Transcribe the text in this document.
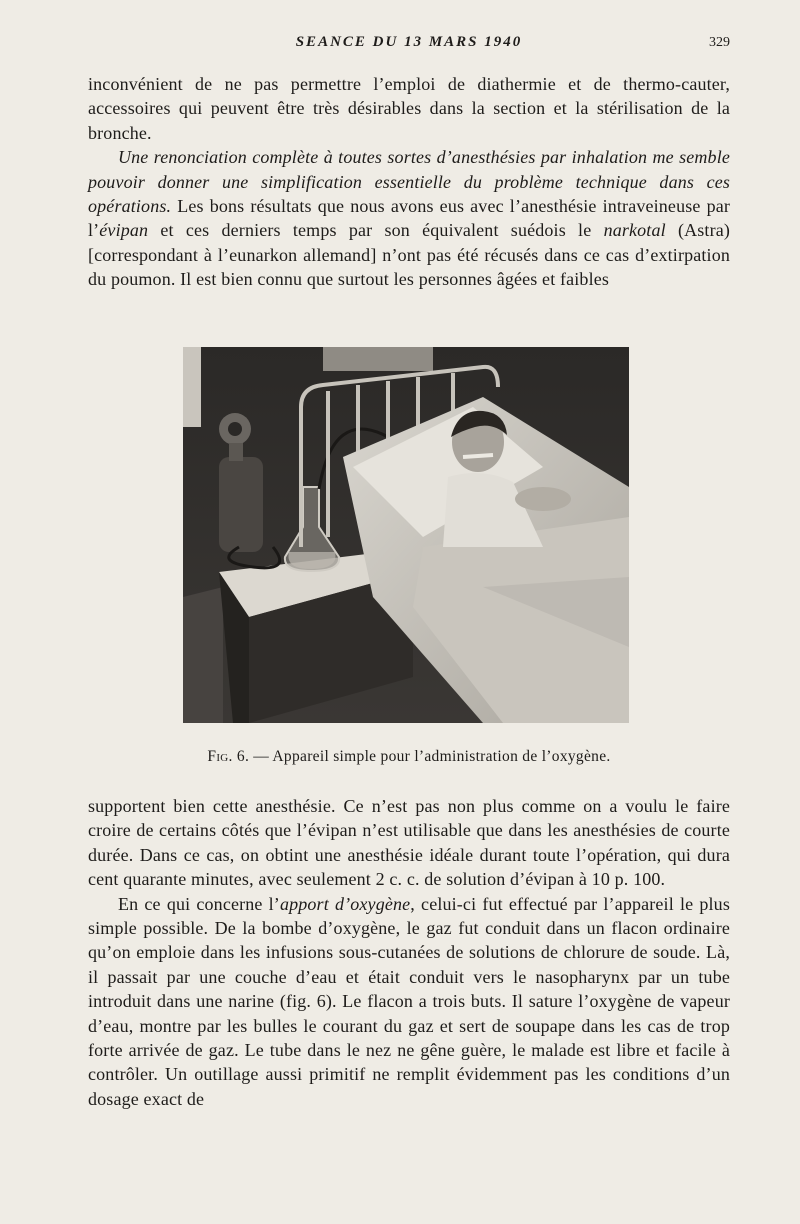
SEANCE DU 13 MARS 1940	329

inconvénient de ne pas permettre l’emploi de diathermie et de thermo-cauter, accessoires qui peuvent être très désirables dans la section et la stérilisation de la bronche.

Une renonciation complète à toutes sortes d’anesthésies par inhalation me semble pouvoir donner une simplification essentielle du problème technique dans ces opérations. Les bons résultats que nous avons eus avec l’anesthésie intraveineuse par l’évipan et ces derniers temps par son équivalent suédois le narkotal (Astra) [correspondant à l’eunarkon allemand] n’ont pas été récusés dans ce cas d’extirpation du poumon. Il est bien connu que surtout les personnes âgées et faibles

Fig. 6. — Appareil simple pour l’administration de l’oxygène.

supportent bien cette anesthésie. Ce n’est pas non plus comme on a voulu le faire croire de certains côtés que l’évipan n’est utilisable que dans les anesthésies de courte durée. Dans ce cas, on obtint une anesthésie idéale durant toute l’opération, qui dura cent quarante minutes, avec seulement 2 c. c. de solution d’évipan à 10 p. 100.

En ce qui concerne l’apport d’oxygène, celui-ci fut effectué par l’appareil le plus simple possible. De la bombe d’oxygène, le gaz fut conduit dans un flacon ordinaire qu’on emploie dans les infusions sous-cutanées de solutions de chlorure de soude. Là, il passait par une couche d’eau et était conduit vers le nasopharynx par un tube introduit dans une narine (fig. 6). Le flacon a trois buts. Il sature l’oxygène de vapeur d’eau, montre par les bulles le courant du gaz et sert de soupape dans les cas de trop forte arrivée de gaz. Le tube dans le nez ne gêne guère, le malade est libre et facile à contrôler. Un outillage aussi primitif ne remplit évidemment pas les conditions d’un dosage exact de
